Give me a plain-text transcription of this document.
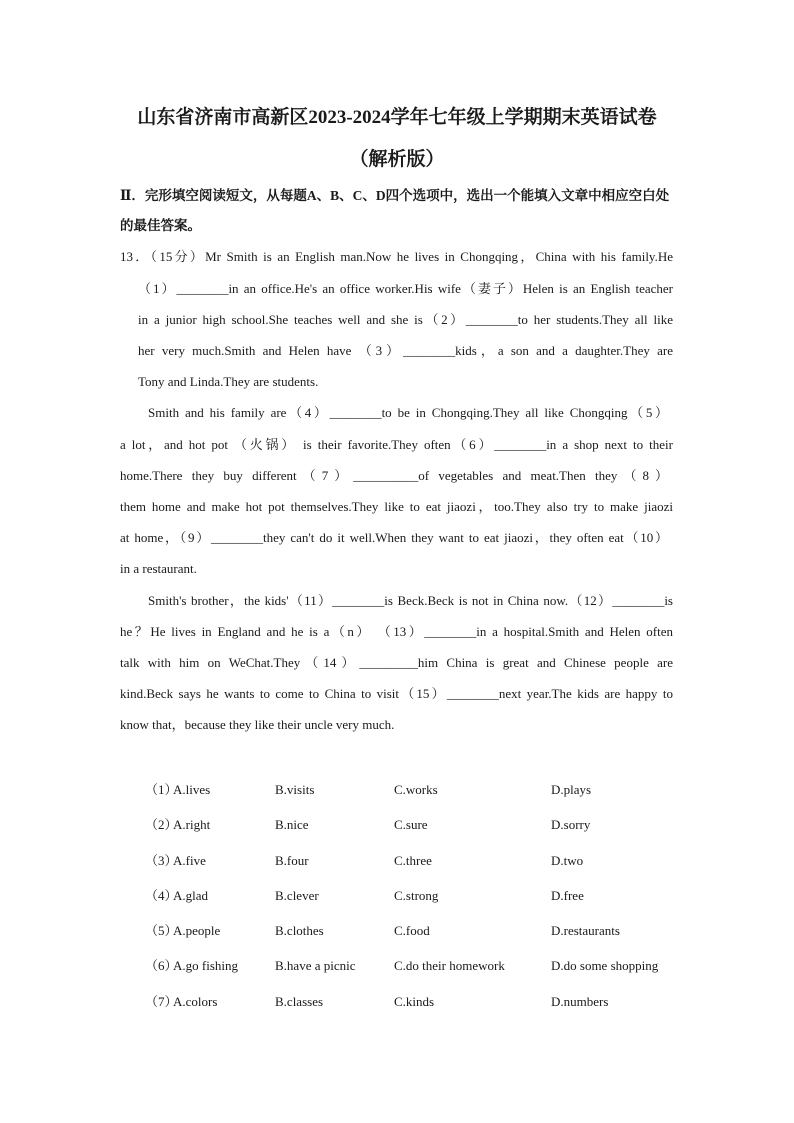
山东省济南市高新区2023-2024学年七年级上学期期末英语试卷
（解析版）
Ⅱ．完形填空阅读短文，从每题A、B、C、D四个选项中，选出一个能填入文章中相应空白处的最佳答案。
13．（15分）Mr Smith is an English man.Now he lives in Chongqing，China with his family.He
（1）________in an office.He's an office worker.His wife（妻子）Helen is an English teacher
in a junior high school.She teaches well and she is（2）________to her students.They all like
her very much.Smith and Helen have （3）________kids，a son and a daughter.They are
Tony and Linda.They are students.
Smith and his family are（4）________to be in Chongqing.They all like Chongqing（5）
a lot，and hot pot （火锅） is their favorite.They often（6）________in a shop next to their
home.There they buy different（7）__________of vegetables and meat.Then they（8）
them home and make hot pot themselves.They like to eat jiaozi，too.They also try to make jiaozi
at home，（9）________they can't do it well.When they want to eat jiaozi，they often eat（10）
in a restaurant.
Smith's brother，the kids'（11）________is Beck.Beck is not in China now.（12）________is
he？He lives in England and he is a（n） （13）________in a hospital.Smith and Helen often
talk with him on WeChat.They（14）_________him China is great and Chinese people are
kind.Beck says he wants to come to China to visit（15）________next year.The kids are happy to
know that，because they like their uncle very much.
（1）
A.lives	B.visits	C.works	D.plays
（2）
A.right	B.nice	C.sure	D.sorry
（3）
A.five	B.four	C.three	D.two
（4）
A.glad	B.clever	C.strong	D.free
（5）
A.people	B.clothes	C.food	D.restaurants
（6）
A.go fishing	B.have a picnic	C.do their homework	D.do some shopping
（7）
A.colors	B.classes	C.kinds	D.numbers
